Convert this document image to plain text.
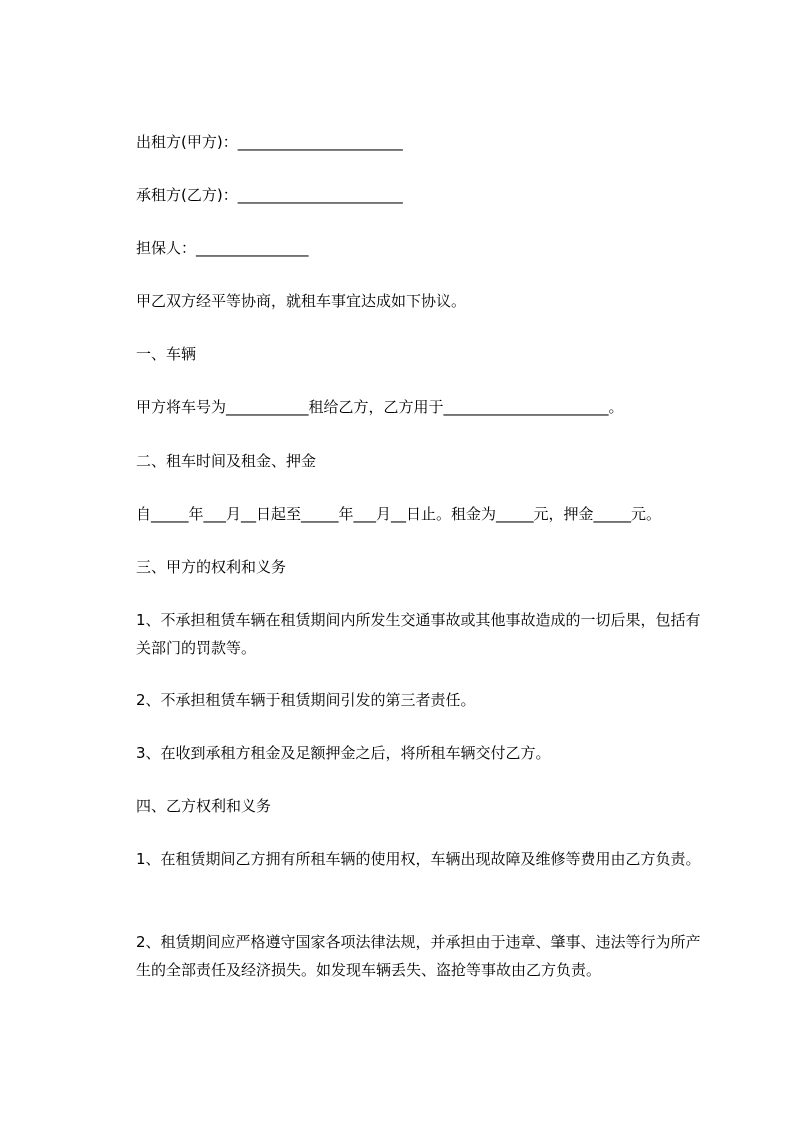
出租方(甲方)：______________________
承租方(乙方)：______________________
担保人：_______________
甲乙双方经平等协商，就租车事宜达成如下协议。
一、车辆
甲方将车号为___________租给乙方，乙方用于______________________。
二、租车时间及租金、押金
自_____年___月__日起至_____年___月__日止。租金为_____元，押金_____元。
三、甲方的权利和义务
1、不承担租赁车辆在租赁期间内所发生交通事故或其他事故造成的一切后果，包括有关部门的罚款等。
2、不承担租赁车辆于租赁期间引发的第三者责任。
3、在收到承租方租金及足额押金之后，将所租车辆交付乙方。
四、乙方权利和义务
1、在租赁期间乙方拥有所租车辆的使用权，车辆出现故障及维修等费用由乙方负责。
2、租赁期间应严格遵守国家各项法律法规，并承担由于违章、肇事、违法等行为所产生的全部责任及经济损失。如发现车辆丢失、盗抢等事故由乙方负责。
